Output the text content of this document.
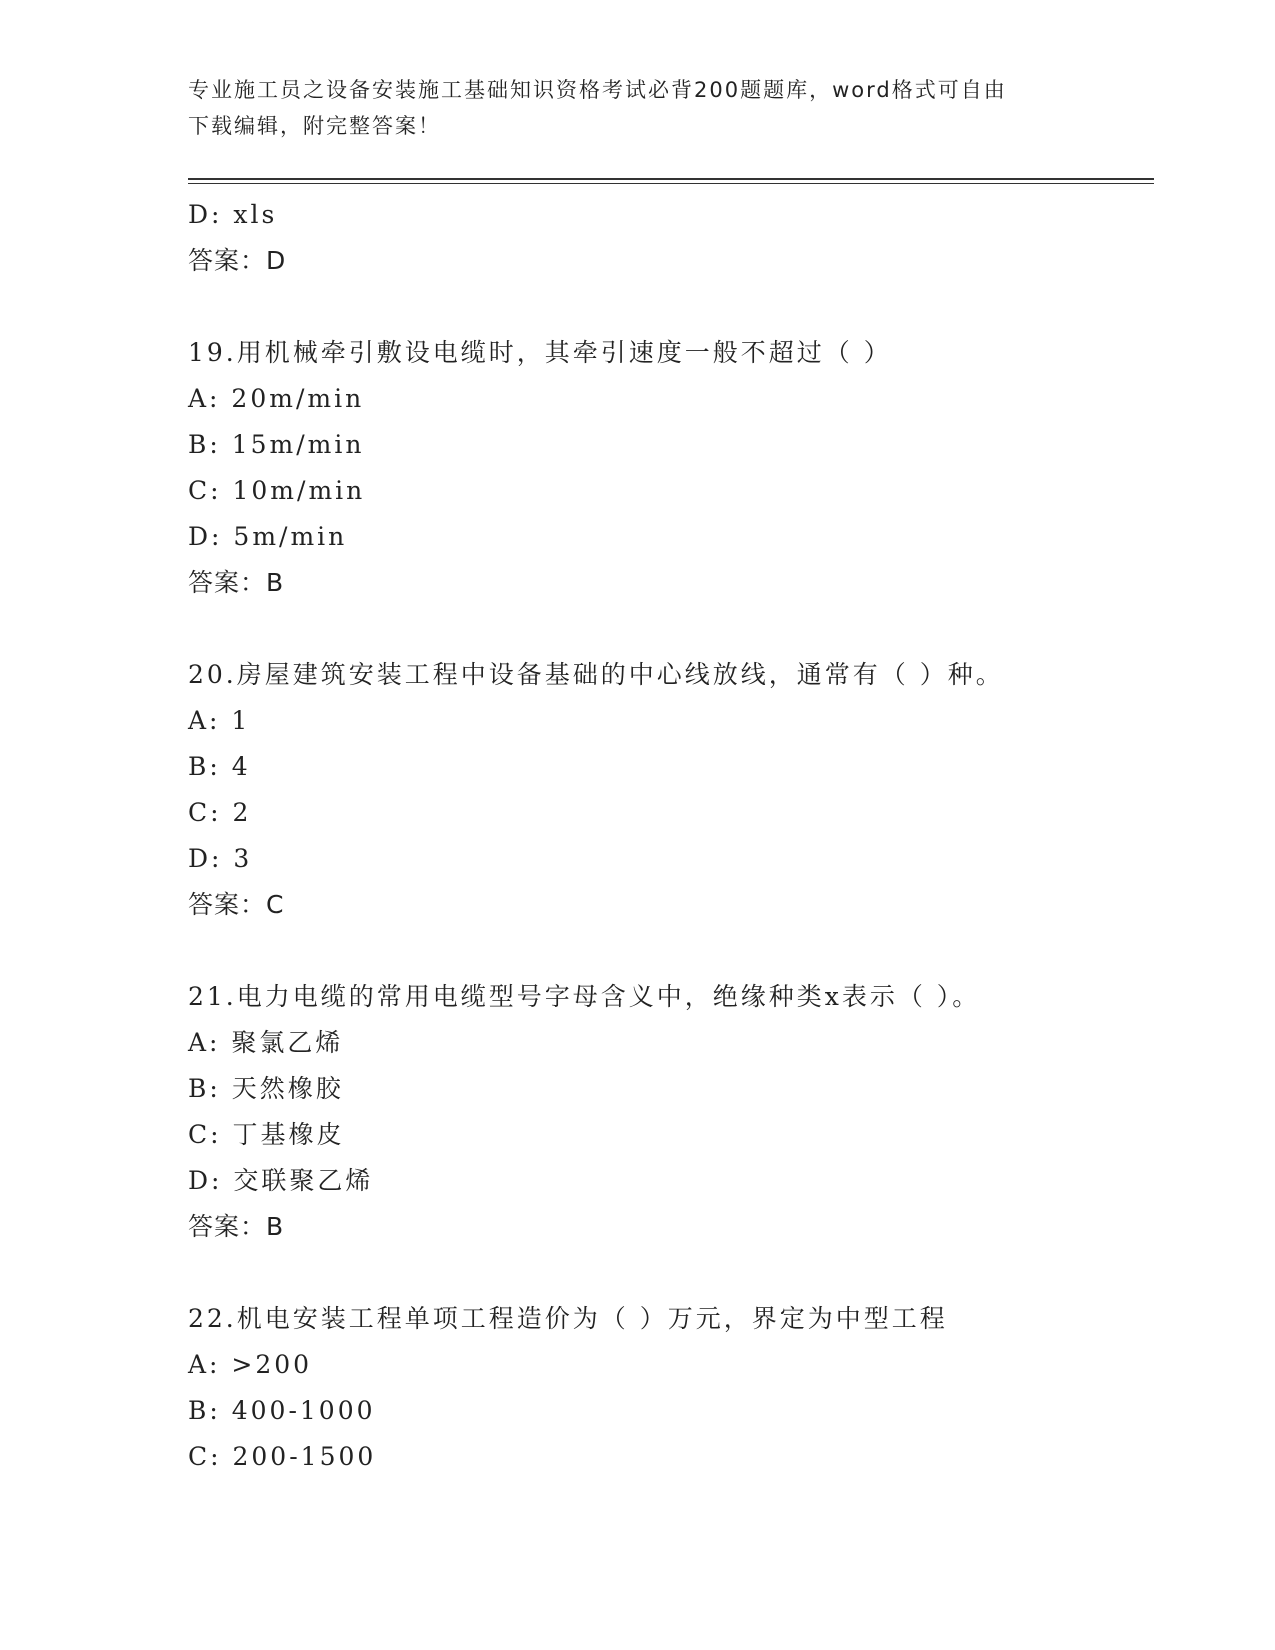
专业施工员之设备安装施工基础知识资格考试必背200题题库，word格式可自由
下载编辑，附完整答案！
D: xls
答案：D
19.用机械牵引敷设电缆时，其牵引速度一般不超过（ ）
A: 20m/min
B: 15m/min
C: 10m/min
D: 5m/min
答案：B
20.房屋建筑安装工程中设备基础的中心线放线，通常有（ ）种。
A: 1
B: 4
C: 2
D: 3
答案：C
21.电力电缆的常用电缆型号字母含义中，绝缘种类x表示（ ）。
A: 聚氯乙烯
B: 天然橡胶
C: 丁基橡皮
D: 交联聚乙烯
答案：B
22.机电安装工程单项工程造价为（ ）万元，界定为中型工程
A: >200
B: 400-1000
C: 200-1500
